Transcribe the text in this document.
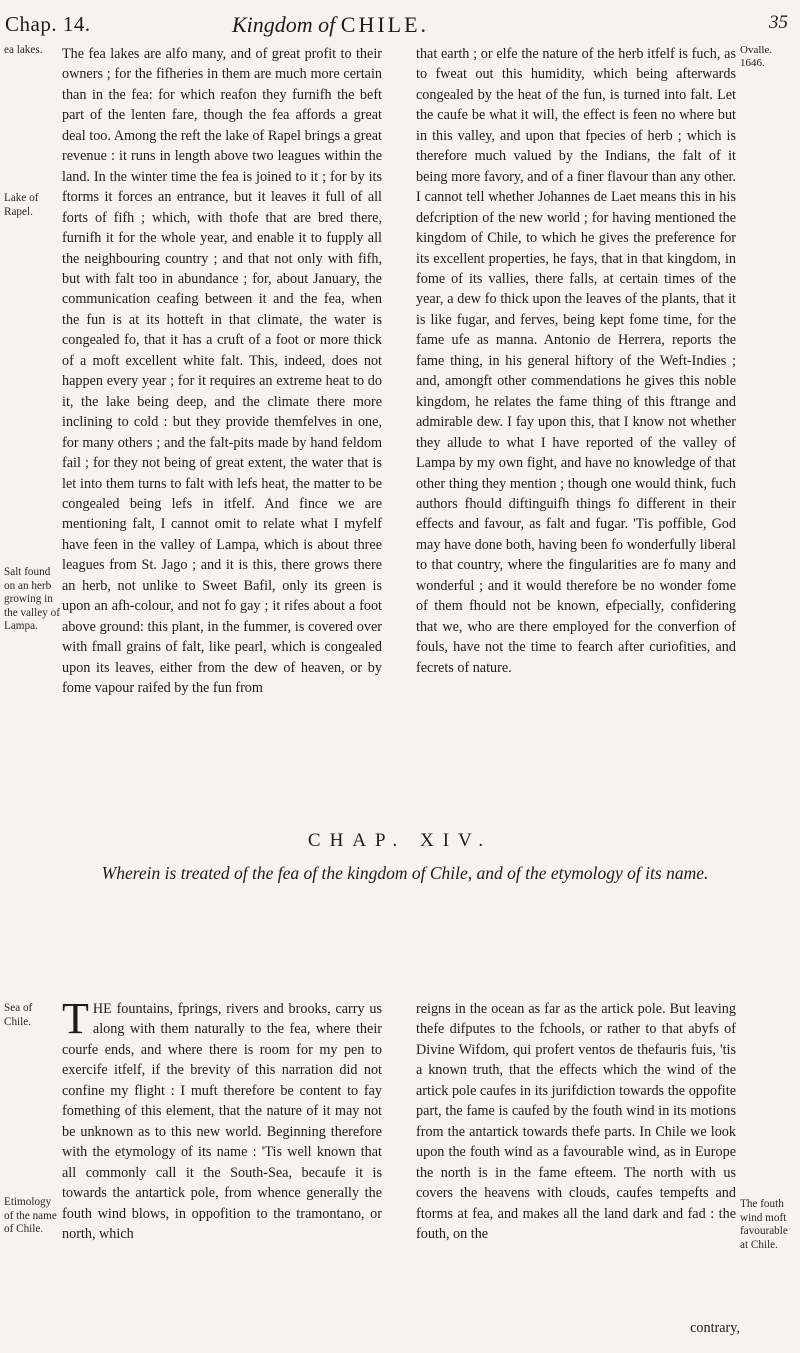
Chap. 14.	Kingdom of CHILE.	35
Ovalle. 1646.
ea lakes.
Lake of Rapel.
Salt found on an herb growing in the valley of Lampa.
Sea of Chile.
Etimology of the name of Chile.
The fouth wind moft favourable at Chile.

The fea lakes are alfo many, and of great profit to their owners ; for the fifheries in them are much more certain than in the fea: for which reafon they furnifh the beft part of the lenten fare, though the fea affords a great deal too. Among the reft the lake of Rapel brings a great revenue : it runs in length above two leagues within the land. In the winter time the fea is joined to it ; for by its ftorms it forces an entrance, but it leaves it full of all forts of fifh ; which, with thofe that are bred there, furnifh it for the whole year, and enable it to fupply all the neighbouring country ; and that not only with fifh, but with falt too in abundance ; for, about January, the communication ceafing between it and the fea, when the fun is at its hotteft in that climate, the water is congealed fo, that it has a cruft of a foot or more thick of a moft excellent white falt. This, indeed, does not happen every year ; for it requires an extreme heat to do it, the lake being deep, and the climate there more inclining to cold : but they provide themfelves in one, for many others ; and the falt-pits made by hand feldom fail ; for they not being of great extent, the water that is let into them turns to falt with lefs heat, the matter to be congealed being lefs in itfelf. And fince we are mentioning falt, I cannot omit to relate what I myfelf have feen in the valley of Lampa, which is about three leagues from St. Jago ; and it is this, there grows there an herb, not unlike to Sweet Bafil, only its green is upon an afh-colour, and not fo gay ; it rifes about a foot above ground: this plant, in the fummer, is covered over with fmall grains of falt, like pearl, which is congealed upon its leaves, either from the dew of heaven, or by fome vapour raifed by the fun from

that earth ; or elfe the nature of the herb itfelf is fuch, as to fweat out this humidity, which being afterwards congealed by the heat of the fun, is turned into falt. Let the caufe be what it will, the effect is feen no where but in this valley, and upon that fpecies of herb ; which is therefore much valued by the Indians, the falt of it being more favory, and of a finer flavour than any other. I cannot tell whether Johannes de Laet means this in his defcription of the new world ; for having mentioned the kingdom of Chile, to which he gives the preference for its excellent properties, he fays, that in that kingdom, in fome of its vallies, there falls, at certain times of the year, a dew fo thick upon the leaves of the plants, that it is like fugar, and ferves, being kept fome time, for the fame ufe as manna. Antonio de Herrera, reports the fame thing, in his general hiftory of the Weft-Indies ; and, amongft other commendations he gives this noble kingdom, he relates the fame thing of this ftrange and admirable dew. I fay upon this, that I know not whether they allude to what I have reported of the valley of Lampa by my own fight, and have no knowledge of that other thing they mention ; though one would think, fuch authors fhould diftinguifh things fo different in their effects and favour, as falt and fugar. 'Tis poffible, God may have done both, having been fo wonderfully liberal to that country, where the fingularities are fo many and wonderful ; and it would therefore be no wonder fome of them fhould not be known, efpecially, confidering that we, who are there employed for the converfion of fouls, have not the time to fearch after curiofities, and fecrets of nature.

CHAP. XIV.
Wherein is treated of the fea of the kingdom of Chile, and of the etymology of its name.
T HE fountains, fprings, rivers and brooks, carry us along with them naturally to the fea, where their courfe ends, and where there is room for my pen to exercife itfelf, if the brevity of this narration did not confine my flight : I muft therefore be content to fay fomething of this element, that the nature of it may not be unknown as to this new world. Beginning therefore with the etymology of its name : 'Tis well known that all commonly call it the South-Sea, becaufe it is towards the antartick pole, from whence generally the fouth wind blows, in oppofition to the tramontano, or north, which

reigns in the ocean as far as the artick pole. But leaving thefe difputes to the fchools, or rather to that abyfs of Divine Wifdom, qui profert ventos de thefauris fuis, 'tis a known truth, that the effects which the wind of the artick pole caufes in its jurifdiction towards the oppofite part, the fame is caufed by the fouth wind in its motions from the antartick towards thefe parts. In Chile we look upon the fouth wind as a favourable wind, as in Europe the north is in the fame efteem. The north with us covers the heavens with clouds, caufes tempefts and ftorms at fea, and makes all the land dark and fad : the fouth, on the

contrary,
